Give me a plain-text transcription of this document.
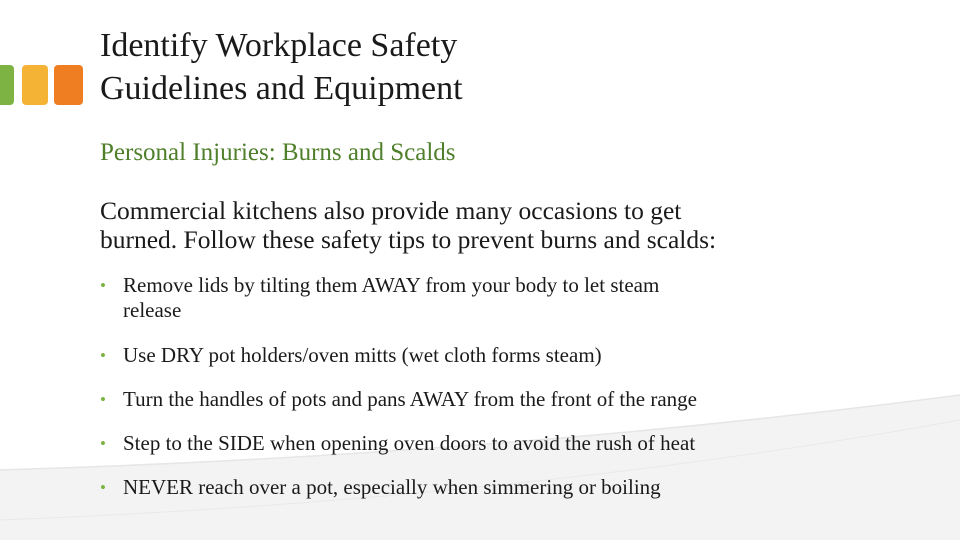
Identify Workplace Safety
Guidelines and Equipment
Personal Injuries: Burns and Scalds
Commercial kitchens also provide many occasions to get
burned. Follow these safety tips to prevent burns and scalds:
• Remove lids by tilting them AWAY from your body to let steam
release
• Use DRY pot holders/oven mitts (wet cloth forms steam)
• Turn the handles of pots and pans AWAY from the front of the range
• Step to the SIDE when opening oven doors to avoid the rush of heat
• NEVER reach over a pot, especially when simmering or boiling
